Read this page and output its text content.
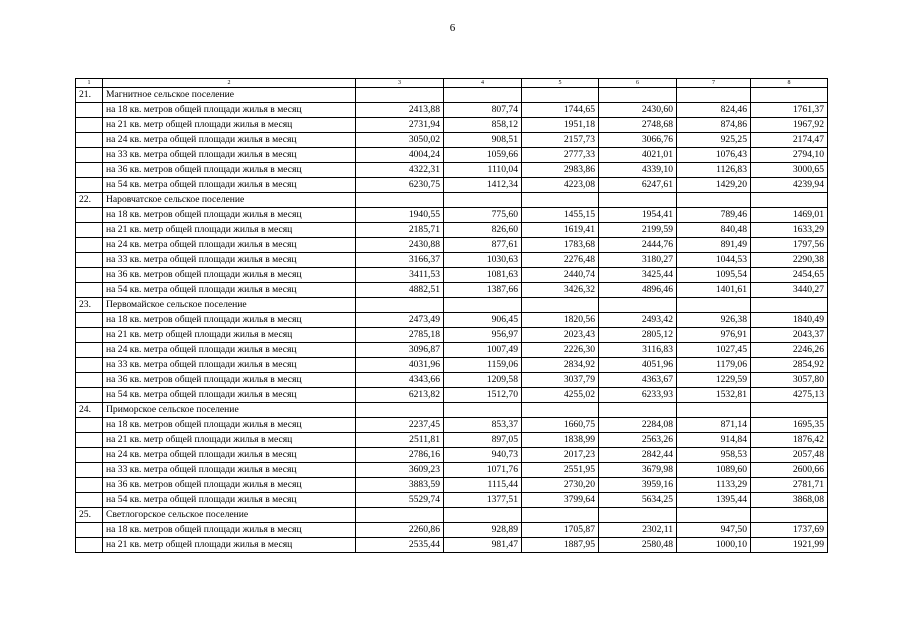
6
1	2	3	4	5	6	7	8
21.	Магнитное сельское поселение						
	на 18 кв. метров общей площади жилья в месяц	2413,88	807,74	1744,65	2430,60	824,46	1761,37
	на 21 кв. метр общей площади жилья в месяц	2731,94	858,12	1951,18	2748,68	874,86	1967,92
	на 24 кв. метра общей площади жилья в месяц	3050,02	908,51	2157,73	3066,76	925,25	2174,47
	на 33 кв. метра общей площади жилья в месяц	4004,24	1059,66	2777,33	4021,01	1076,43	2794,10
	на 36 кв. метров общей площади жилья в месяц	4322,31	1110,04	2983,86	4339,10	1126,83	3000,65
	на 54 кв. метра общей площади жилья в месяц	6230,75	1412,34	4223,08	6247,61	1429,20	4239,94
22.	Наровчатское сельское поселение						
	на 18 кв. метров общей площади жилья в месяц	1940,55	775,60	1455,15	1954,41	789,46	1469,01
	на 21 кв. метр общей площади жилья в месяц	2185,71	826,60	1619,41	2199,59	840,48	1633,29
	на 24 кв. метра общей площади жилья в месяц	2430,88	877,61	1783,68	2444,76	891,49	1797,56
	на 33 кв. метра общей площади жилья в месяц	3166,37	1030,63	2276,48	3180,27	1044,53	2290,38
	на 36 кв. метров общей площади жилья в месяц	3411,53	1081,63	2440,74	3425,44	1095,54	2454,65
	на 54 кв. метра общей площади жилья в месяц	4882,51	1387,66	3426,32	4896,46	1401,61	3440,27
23.	Первомайское сельское поселение						
	на 18 кв. метров общей площади жилья в месяц	2473,49	906,45	1820,56	2493,42	926,38	1840,49
	на 21 кв. метр общей площади жилья в месяц	2785,18	956,97	2023,43	2805,12	976,91	2043,37
	на 24 кв. метра общей площади жилья в месяц	3096,87	1007,49	2226,30	3116,83	1027,45	2246,26
	на 33 кв. метра общей площади жилья в месяц	4031,96	1159,06	2834,92	4051,96	1179,06	2854,92
	на 36 кв. метров общей площади жилья в месяц	4343,66	1209,58	3037,79	4363,67	1229,59	3057,80
	на 54 кв. метра общей площади жилья в месяц	6213,82	1512,70	4255,02	6233,93	1532,81	4275,13
24.	Приморское сельское поселение						
	на 18 кв. метров общей площади жилья в месяц	2237,45	853,37	1660,75	2284,08	871,14	1695,35
	на 21 кв. метр общей площади жилья в месяц	2511,81	897,05	1838,99	2563,26	914,84	1876,42
	на 24 кв. метра общей площади жилья в месяц	2786,16	940,73	2017,23	2842,44	958,53	2057,48
	на 33 кв. метра общей площади жилья в месяц	3609,23	1071,76	2551,95	3679,98	1089,60	2600,66
	на 36 кв. метров общей площади жилья в месяц	3883,59	1115,44	2730,20	3959,16	1133,29	2781,71
	на 54 кв. метра общей площади жилья в месяц	5529,74	1377,51	3799,64	5634,25	1395,44	3868,08
25.	Светлогорское сельское поселение						
	на 18 кв. метров общей площади жилья в месяц	2260,86	928,89	1705,87	2302,11	947,50	1737,69
	на 21 кв. метр общей площади жилья в месяц	2535,44	981,47	1887,95	2580,48	1000,10	1921,99
